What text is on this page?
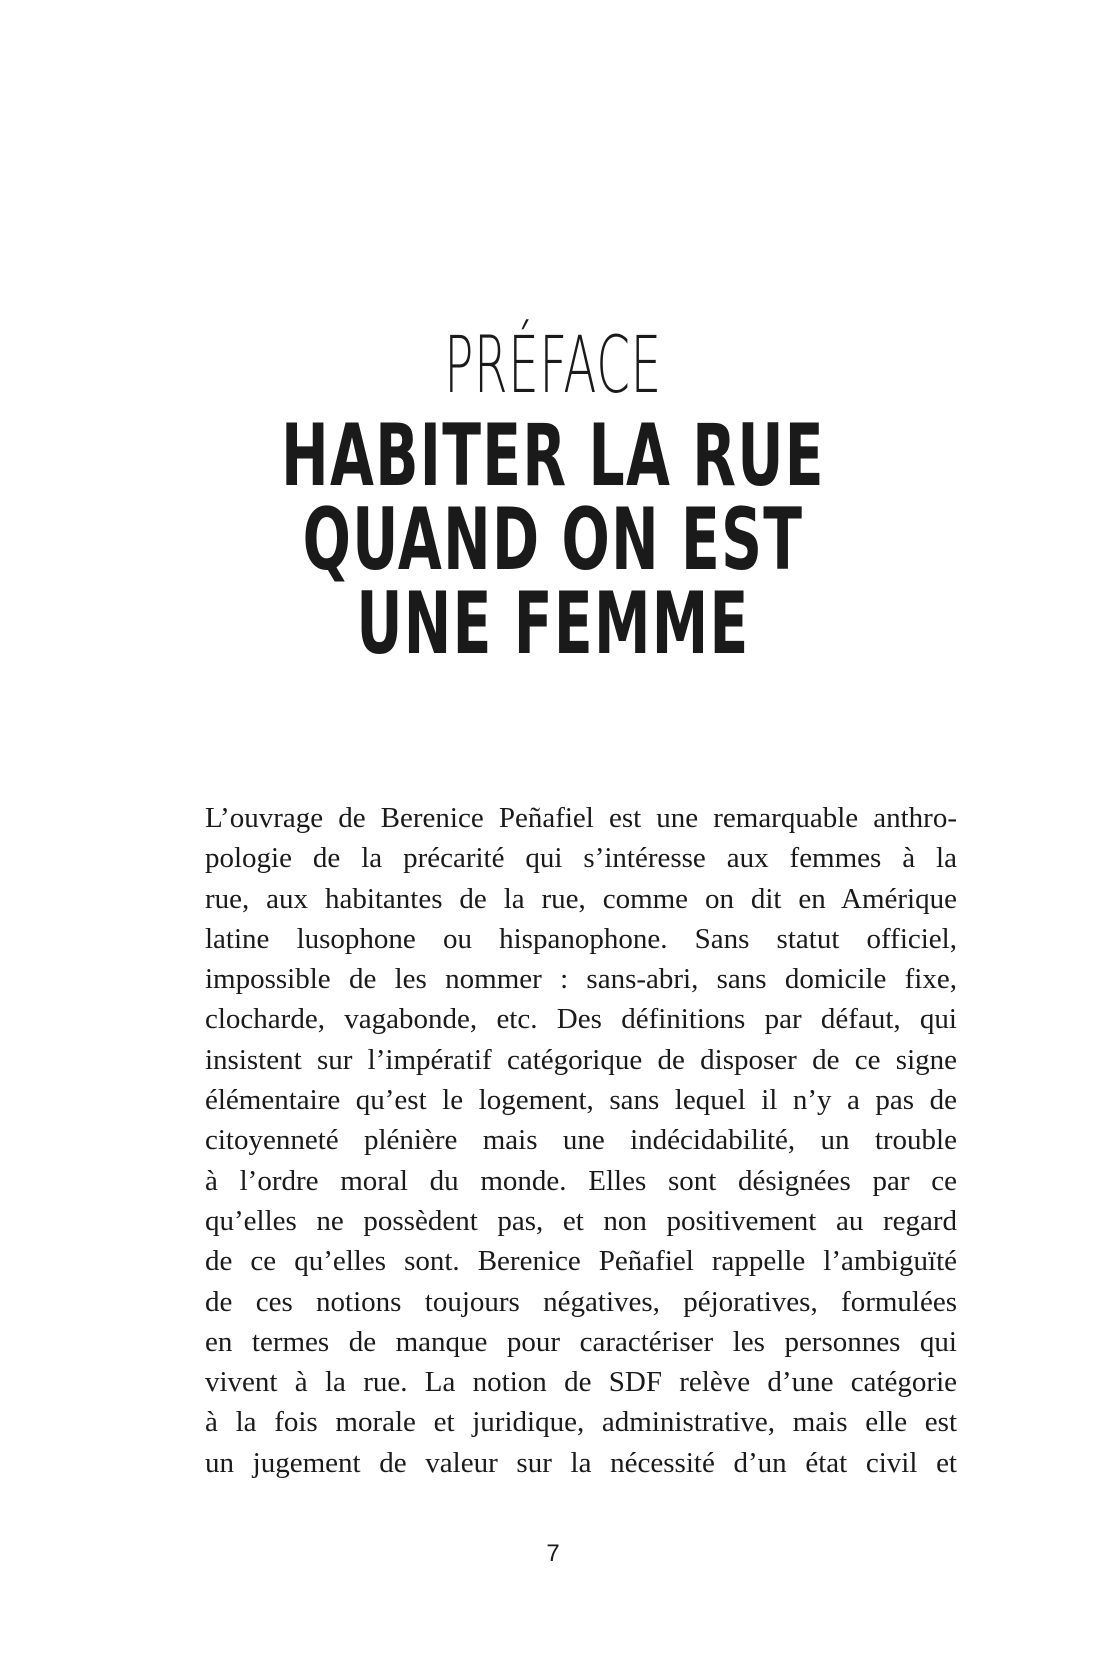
PRÉFACE
HABITER LA RUE
QUAND ON EST
UNE FEMME
L’ouvrage de Berenice Peñafiel est une remarquable anthro-
pologie de la précarité qui s’intéresse aux femmes à la
rue, aux habitantes de la rue, comme on dit en Amérique
latine lusophone ou hispanophone. Sans statut officiel,
impossible de les nommer : sans-abri, sans domicile fixe,
clocharde, vagabonde, etc. Des définitions par défaut, qui
insistent sur l’impératif catégorique de disposer de ce signe
élémentaire qu’est le logement, sans lequel il n’y a pas de
citoyenneté plénière mais une indécidabilité, un trouble
à l’ordre moral du monde. Elles sont désignées par ce
qu’elles ne possèdent pas, et non positivement au regard
de ce qu’elles sont. Berenice Peñafiel rappelle l’ambiguïté
de ces notions toujours négatives, péjoratives, formulées
en termes de manque pour caractériser les personnes qui
vivent à la rue. La notion de SDF relève d’une catégorie
à la fois morale et juridique, administrative, mais elle est
un jugement de valeur sur la nécessité d’un état civil et
7
